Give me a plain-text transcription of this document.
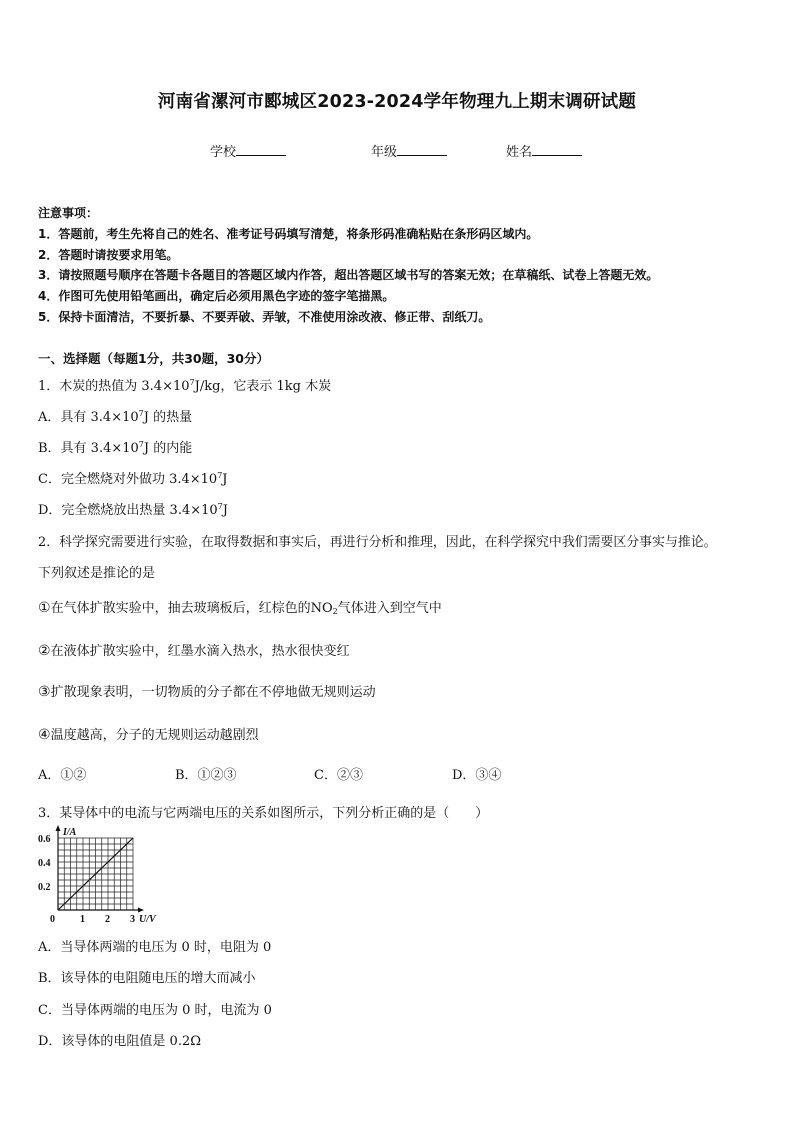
河南省漯河市郾城区2023-2024学年物理九上期末调研试题
学校	年级	姓名
注意事项：
1．答题前，考生先将自己的姓名、准考证号码填写清楚，将条形码准确粘贴在条形码区域内。
2．答题时请按要求用笔。
3．请按照题号顺序在答题卡各题目的答题区域内作答，超出答题区域书写的答案无效；在草稿纸、试卷上答题无效。
4．作图可先使用铅笔画出，确定后必须用黑色字迹的签字笔描黑。
5．保持卡面清洁，不要折暴、不要弄破、弄皱，不准使用涂改液、修正带、刮纸刀。
一、选择题（每题1分，共30题，30分）
1．木炭的热值为 $3.4\times 10^7J/kg$，它表示 1kg 木炭
A．具有 $3.4\times 10^7J$ 的热量
B．具有 $3.4\times 10^7J$ 的内能
C．完全燃烧对外做功 $3.4\times 10^7J$
D．完全燃烧放出热量 $3.4\times 10^7J$
2．科学探究需要进行实验，在取得数据和事实后，再进行分析和推理，因此，在科学探究中我们需要区分事实与推论。
下列叙述是推论的是
①在气体扩散实验中，抽去玻璃板后，红棕色的$NO_2$气体进入到空气中
②在液体扩散实验中，红墨水滴入热水，热水很快变红
③扩散现象表明，一切物质的分子都在不停地做无规则运动
④温度越高，分子的无规则运动越剧烈
A．①②	B．①②③	C．②③	D．③④
3．某导体中的电流与它两端电压的关系如图所示，下列分析正确的是（　　）
0	1 2 3
0.2
0.4
0.6
I/A
U/V
A．当导体两端的电压为 0 时，电阻为 0
B．该导体的电阻随电压的增大而减小
C．当导体两端的电压为 0 时，电流为 0
D．该导体的电阻值是 0.2Ω
